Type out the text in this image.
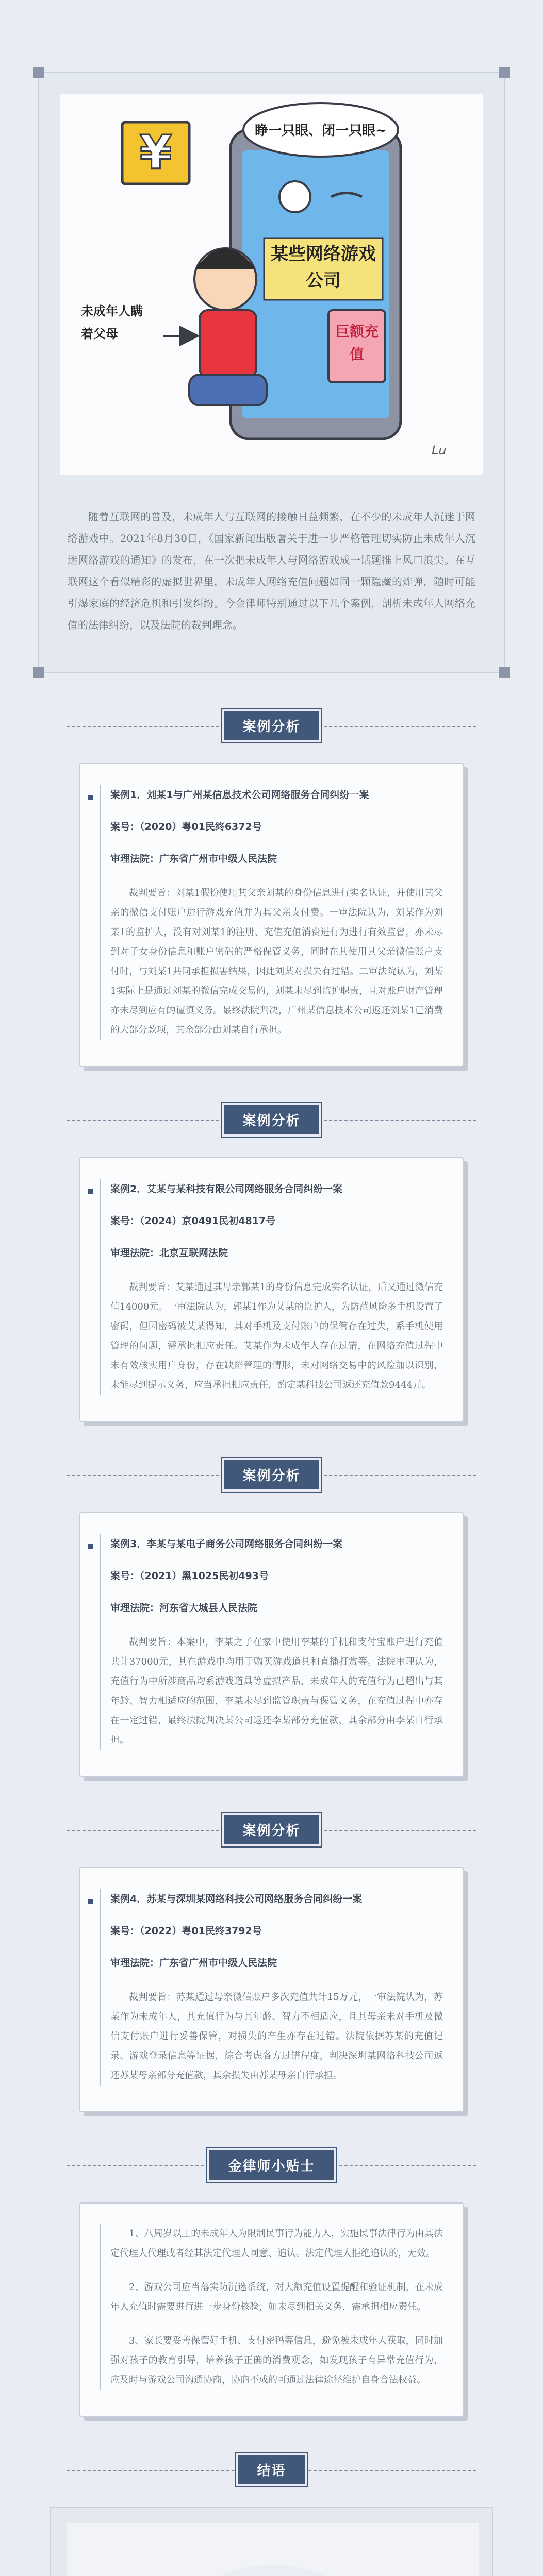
睁一只眼、闭一只眼~
¥
某些网络游戏公司
巨额充值
未成年人瞒着父母
Lu

随着互联网的普及，未成年人与互联网的接触日益频繁，在不少的未成年人沉迷于网络游戏中。2021年8月30日，《国家新闻出版署关于进一步严格管理切实防止未成年人沉迷网络游戏的通知》的发布，在一次把未成年人与网络游戏成一话题推上风口浪尖。在互联网这个看似精彩的虚拟世界里，未成年人网络充值问题如同一颗隐藏的炸弹，随时可能引爆家庭的经济危机和引发纠纷。今金律师特别通过以下几个案例，剖析未成年人网络充值的法律纠纷，以及法院的裁判理念。

案例分析
案例1．刘某1与广州某信息技术公司网络服务合同纠纷一案
案号：（2020）粤01民终6372号
审理法院：广东省广州市中级人民法院

裁判要旨：刘某1假扮使用其父亲刘某的身份信息进行实名认证，并使用其父亲的微信支付账户进行游戏充值并为其父亲支付费。一审法院认为，刘某作为刘某1的监护人，没有对刘某1的注册、充值充值消费进行为进行有效监督，亦未尽到对子女身份信息和账户密码的严格保管义务，同时在其使用其父亲微信账户支付时，与刘某1共同承担损害结果，因此刘某对损失有过错。二审法院认为，刘某1实际上是通过刘某的微信完成交易的，刘某未尽到监护职责，且对账户财产管理亦未尽到应有的谨慎义务。最终法院判决，广州某信息技术公司返还刘某1已消费的大部分款项，其余部分由刘某自行承担。

案例分析
案例2．艾某与某科技有限公司网络服务合同纠纷一案
案号：（2024）京0491民初4817号
审理法院：北京互联网法院

裁判要旨：艾某通过其母亲郭某1的身份信息完成实名认证，后又通过微信充值14000元。一审法院认为，郭某1作为艾某的监护人，为防范风险多手机设置了密码，但因密码被艾某得知，其对手机及支付账户的保管存在过失，系手机使用管理的问题，需承担相应责任。艾某作为未成年人存在过错，在网络充值过程中未有效核实用户身份，存在缺陷管理的情形，未对网络交易中的风险加以识别，未能尽到提示义务，应当承担相应责任，酌定某科技公司返还充值款9444元。

案例分析
案例3．李某与某电子商务公司网络服务合同纠纷一案
案号：（2021）黑1025民初493号
审理法院：河东省大城县人民法院

裁判要旨：本案中，李某之子在家中使用李某的手机和支付宝账户进行充值共计37000元，其在游戏中均用于购买游戏道具和直播打赏等。法院审理认为，充值行为中所涉商品均系游戏道具等虚拟产品，未成年人的充值行为已超出与其年龄、智力相适应的范围，李某未尽到监管职责与保管义务，在充值过程中亦存在一定过错，最终法院判决某公司返还李某部分充值款，其余部分由李某自行承担。

案例分析
案例4．苏某与深圳某网络科技公司网络服务合同纠纷一案
案号：（2022）粤01民终3792号
审理法院：广东省广州市中级人民法院

裁判要旨：苏某通过母亲微信账户多次充值共计15万元，一审法院认为，苏某作为未成年人，其充值行为与其年龄、智力不相适应，且其母亲未对手机及微信支付账户进行妥善保管，对损失的产生亦存在过错。法院依据苏某的充值记录、游戏登录信息等证据，综合考虑各方过错程度，判决深圳某网络科技公司返还苏某母亲部分充值款，其余损失由苏某母亲自行承担。

金律师小贴士

1、八周岁以上的未成年人为限制民事行为能力人，实施民事法律行为由其法定代理人代理或者经其法定代理人同意、追认。法定代理人拒绝追认的，无效。

2、游戏公司应当落实防沉迷系统，对大额充值设置提醒和验证机制，在未成年人充值时需要进行进一步身份核验，如未尽到相关义务，需承担相应责任。

3、家长要妥善保管好手机、支付密码等信息，避免被未成年人获取，同时加强对孩子的教育引导，培养孩子正确的消费观念，如发现孩子有异常充值行为，应及时与游戏公司沟通协商，协商不成的可通过法律途径维护自身合法权益。

结语
